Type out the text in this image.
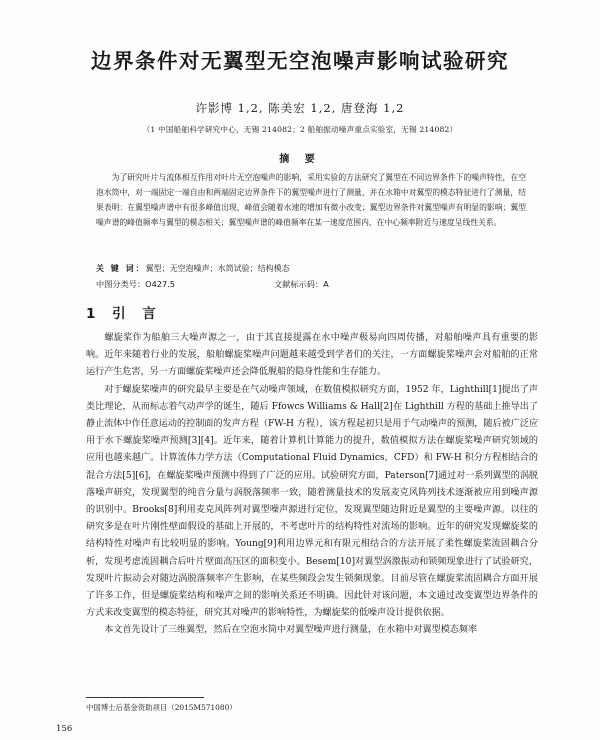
边界条件对无翼型无空泡噪声影响试验研究
许影博 1,2, 陈美宏 1,2, 唐登海 1,2
（1 中国船舶科学研究中心，无锡 214082；2 船舶振动噪声重点实验室，无锡 214082）
摘 要

为了研究叶片与流体相互作用对叶片无空泡噪声的影响，采用实验的方法研究了翼型在不同边界条件下的噪声特性，在空泡水筒中，对一端固定一端自由和两端固定边界条件下的翼型噪声进行了测量，并在水箱中对翼型的模态特征进行了测量，结果表明：在翼型噪声谱中有很多峰值出现，峰值会随着水速的增加有微小改变；翼型边界条件对翼型噪声有明显的影响；翼型噪声谱的峰值频率与翼型的模态相关；翼型噪声谱的峰值频率在某一速度范围内，在中心频率附近与速度呈线性关系。

关 键 词：翼型；无空泡噪声；水筒试验；结构模态

中图分类号：O427.5	文献标示码：A
1 引 言

螺旋桨作为船舶三大噪声源之一，由于其直接提露在水中噪声极易向四周传播，对船舶噪声具有重要的影响。近年来随着行业的发展，船舶螺旋桨噪声问题越来越受到学者们的关注，一方面螺旋桨噪声会对船舶的正常运行产生危害，另一方面螺旋桨噪声还会降低舰船的隐身性能和生存能力。

对于螺旋桨噪声的研究最早主要是在气动噪声领域，在数值模拟研究方面，1952 年，Lighthill[1]提出了声类比理论，从而标志着气动声学的诞生，随后 Ffowcs Williams & Hall[2]在 Lighthill 方程的基础上推导出了静止流体中作任意运动的控制面的发声方程（FW-H 方程），该方程起初只是用于气动噪声的预测，随后被广泛应用于水下螺旋桨噪声预测[3][4]。近年来，随着计算机计算能力的提升，数值模拟方法在螺旋桨噪声研究领域的应用也越来越广。计算流体力学方法（Computational Fluid Dynamics，CFD）和 FW-H 积分方程相结合的混合方法[5][6]，在螺旋桨噪声预测中得到了广泛的应用。试验研究方面，Paterson[7]通过对一系列翼型的涡脱落噪声研究，发现翼型的纯音分量与涡脱落频率一致，随着测量技术的发展麦克风阵列技术逐渐被应用到噪声源的识别中。Brooks[8]利用麦克风阵列对翼型噪声源进行定位，发现翼型随边附近是翼型的主要噪声源。以往的研究多是在叶片刚性壁面假设的基础上开展的，不考虑叶片的结构特性对流场的影响。近年的研究发现螺旋桨的结构特性对噪声有比较明显的影响。Young[9]利用边界元和有限元相结合的方法开展了柔性螺旋桨流固耦合分析，发现考虑流固耦合后叶片壁面高压区的面积变小。Besem[10]对翼型涡激振动和锁频现象进行了试验研究，发现叶片振动会对随边涡脱落频率产生影响，在某些频段会发生锁频现象。目前尽管在螺旋桨流固耦合方面开展了许多工作，但是螺旋桨结构和噪声之间的影响关系还不明确。因此针对该问题，本文通过改变翼型边界条件的方式来改变翼型的模态特征，研究其对噪声的影响特性，为螺旋桨的低噪声设计提供依据。

本文首先设计了三维翼型，然后在空泡水筒中对翼型噪声进行测量，在水箱中对翼型模态频率

中国博士后基金资助项目（2015M571080）
156
